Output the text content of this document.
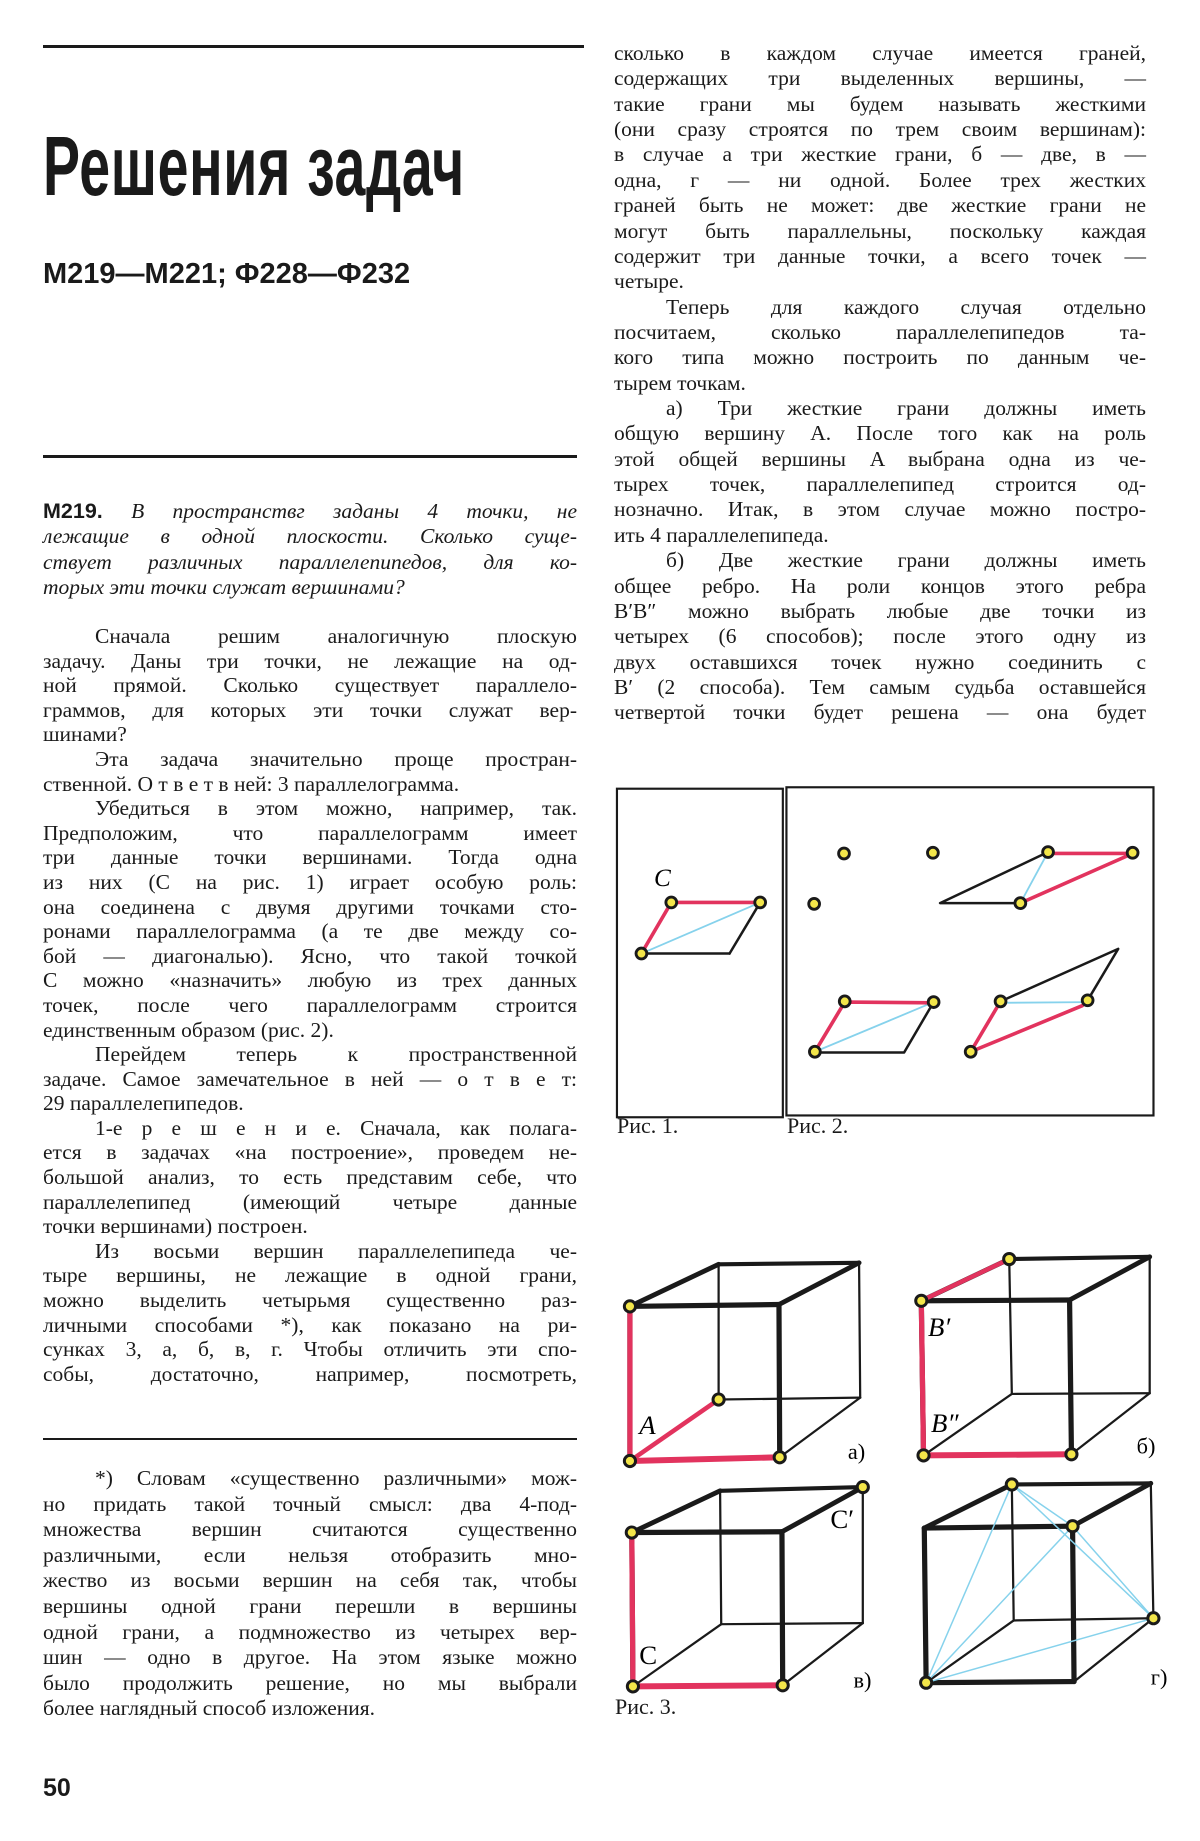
Решения задач
М219—М221; Ф228—Ф232
М219. В пространствг заданы 4 точки, не
лежащие в одной плоскости. Сколько суще-
ствует различных параллелепипедов, для ко-
торых эти точки служат вершинами?
Сначала решим аналогичную плоскую
задачу. Даны три точки, не лежащие на од-
ной прямой. Сколько существует параллело-
граммов, для которых эти точки служат вер-
шинами?
Эта задача значительно проще простран-
ственной. О т в е т в ней: 3 параллелограмма.
Убедиться в этом можно, например, так.
Предположим, что параллелограмм имеет
три данные точки вершинами. Тогда одна
из них (C на рис. 1) играет особую роль:
она соединена с двумя другими точками сто-
ронами параллелограмма (а те две между со-
бой — диагональю). Ясно, что такой точкой
C можно «назначить» любую из трех данных
точек, после чего параллелограмм строится
единственным образом (рис. 2).
Перейдем теперь к пространственной
задаче. Самое замечательное в ней — о т в е т:
29 параллелепипедов.
1-е р е ш е н и е. Сначала, как полага-
ется в задачах «на построение», проведем не-
большой анализ, то есть представим себе, что
параллелепипед (имеющий четыре данные
точки вершинами) построен.
Из восьми вершин параллелепипеда че-
тыре вершины, не лежащие в одной грани,
можно выделить четырьмя существенно раз-
личными способами *), как показано на ри-
сунках 3, а, б, в, г. Чтобы отличить эти спо-
собы, достаточно, например, посмотреть,
*) Словам «существенно различными» мож-
но придать такой точный смысл: два 4-под-
множества вершин считаются существенно
различными, если нельзя отобразить мно-
жество из восьми вершин на себя так, чтобы
вершины одной грани перешли в вершины
одной грани, а подмножество из четырех вер-
шин — одно в другое. На этом языке можно
было продолжить решение, но мы выбрали
более наглядный способ изложения.
50
сколько в каждом случае имеется граней,
содержащих три выделенных вершины, —
такие грани мы будем называть жесткими
(они сразу строятся по трем своим вершинам):
в случае а три жесткие грани, б — две, в —
одна, г — ни одной. Более трех жестких
граней быть не может: две жесткие грани не
могут быть параллельны, поскольку каждая
содержит три данные точки, а всего точек —
четыре.
Теперь для каждого случая отдельно
посчитаем, сколько параллелепипедов та-
кого типа можно построить по данным че-
тырем точкам.
а) Три жесткие грани должны иметь
общую вершину A. После того как на роль
этой общей вершины A выбрана одна из че-
тырех точек, параллелепипед строится од-
нозначно. Итак, в этом случае можно постро-
ить 4 параллелепипеда.
б) Две жесткие грани должны иметь
общее ребро. На роли концов этого ребра
B′B″ можно выбрать любые две точки из
четырех (6 способов); после этого одну из
двух оставшихся точек нужно соединить с
B′ (2 способа). Тем самым судьба оставшейся
четвертой точки будет решена — она будет
C
Рис. 1.	Рис. 2.
A
а)
B′
B″
б)
C′
C
в)	г)
Рис. 3.
